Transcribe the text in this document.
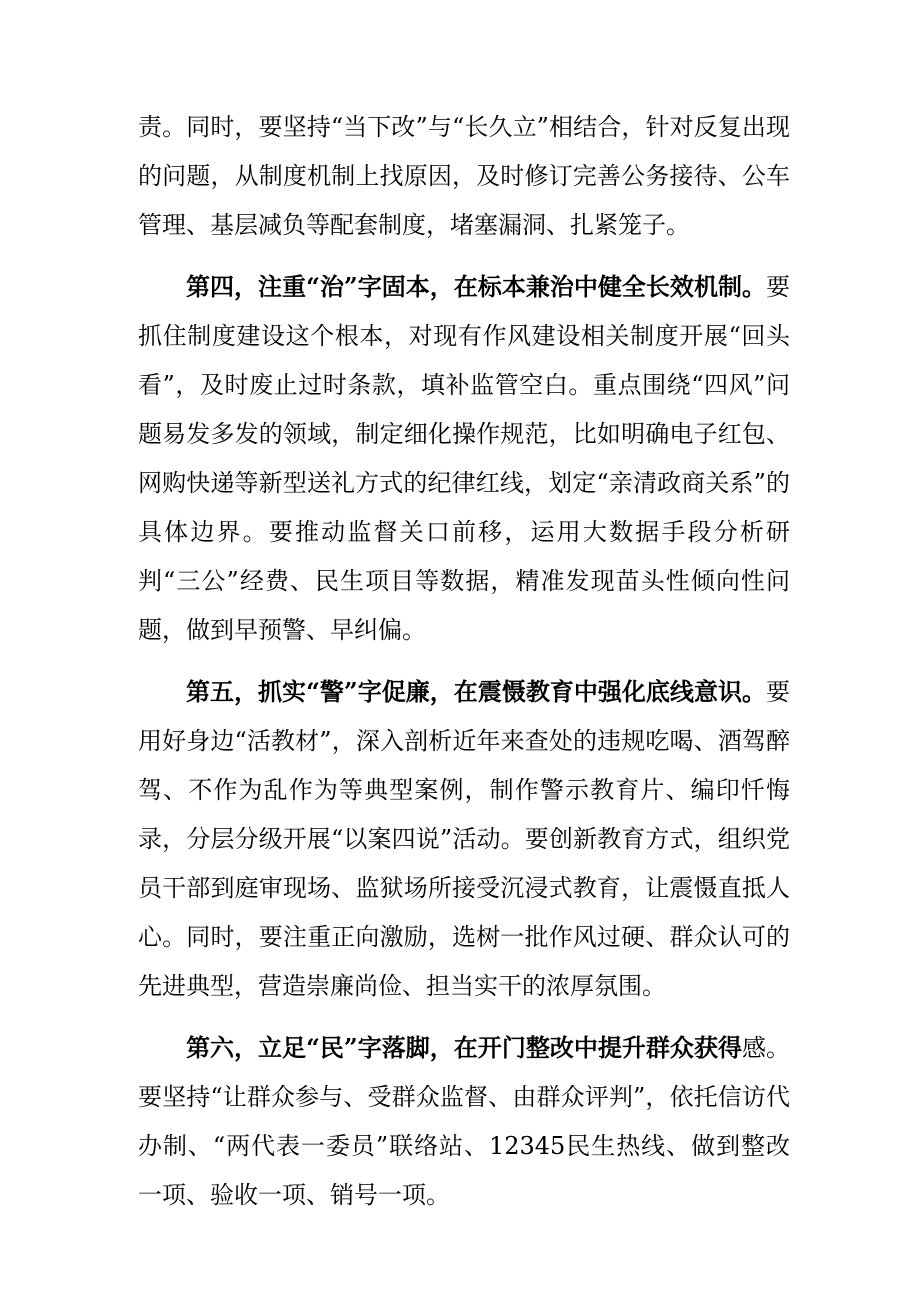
责。同时，要坚持“当下改”与“长久立”相结合，针对反复出现的问题，从制度机制上找原因，及时修订完善公务接待、公车管理、基层减负等配套制度，堵塞漏洞、扎紧笼子。

第四，注重“治”字固本，在标本兼治中健全长效机制。要抓住制度建设这个根本，对现有作风建设相关制度开展“回头看”，及时废止过时条款，填补监管空白。重点围绕“四风”问题易发多发的领域，制定细化操作规范，比如明确电子红包、网购快递等新型送礼方式的纪律红线，划定“亲清政商关系”的具体边界。要推动监督关口前移，运用大数据手段分析研判“三公”经费、民生项目等数据，精准发现苗头性倾向性问题，做到早预警、早纠偏。

第五，抓实“警”字促廉，在震慑教育中强化底线意识。要用好身边“活教材”，深入剖析近年来查处的违规吃喝、酒驾醉驾、不作为乱作为等典型案例，制作警示教育片、编印忏悔录，分层分级开展“以案四说”活动。要创新教育方式，组织党员干部到庭审现场、监狱场所接受沉浸式教育，让震慑直抵人心。同时，要注重正向激励，选树一批作风过硬、群众认可的先进典型，营造崇廉尚俭、担当实干的浓厚氛围。

第六，立足“民”字落脚，在开门整改中提升群众获得感。要坚持“让群众参与、受群众监督、由群众评判”，依托信访代办制、“两代表一委员”联络站、12345民生热线、做到整改一项、验收一项、销号一项。
